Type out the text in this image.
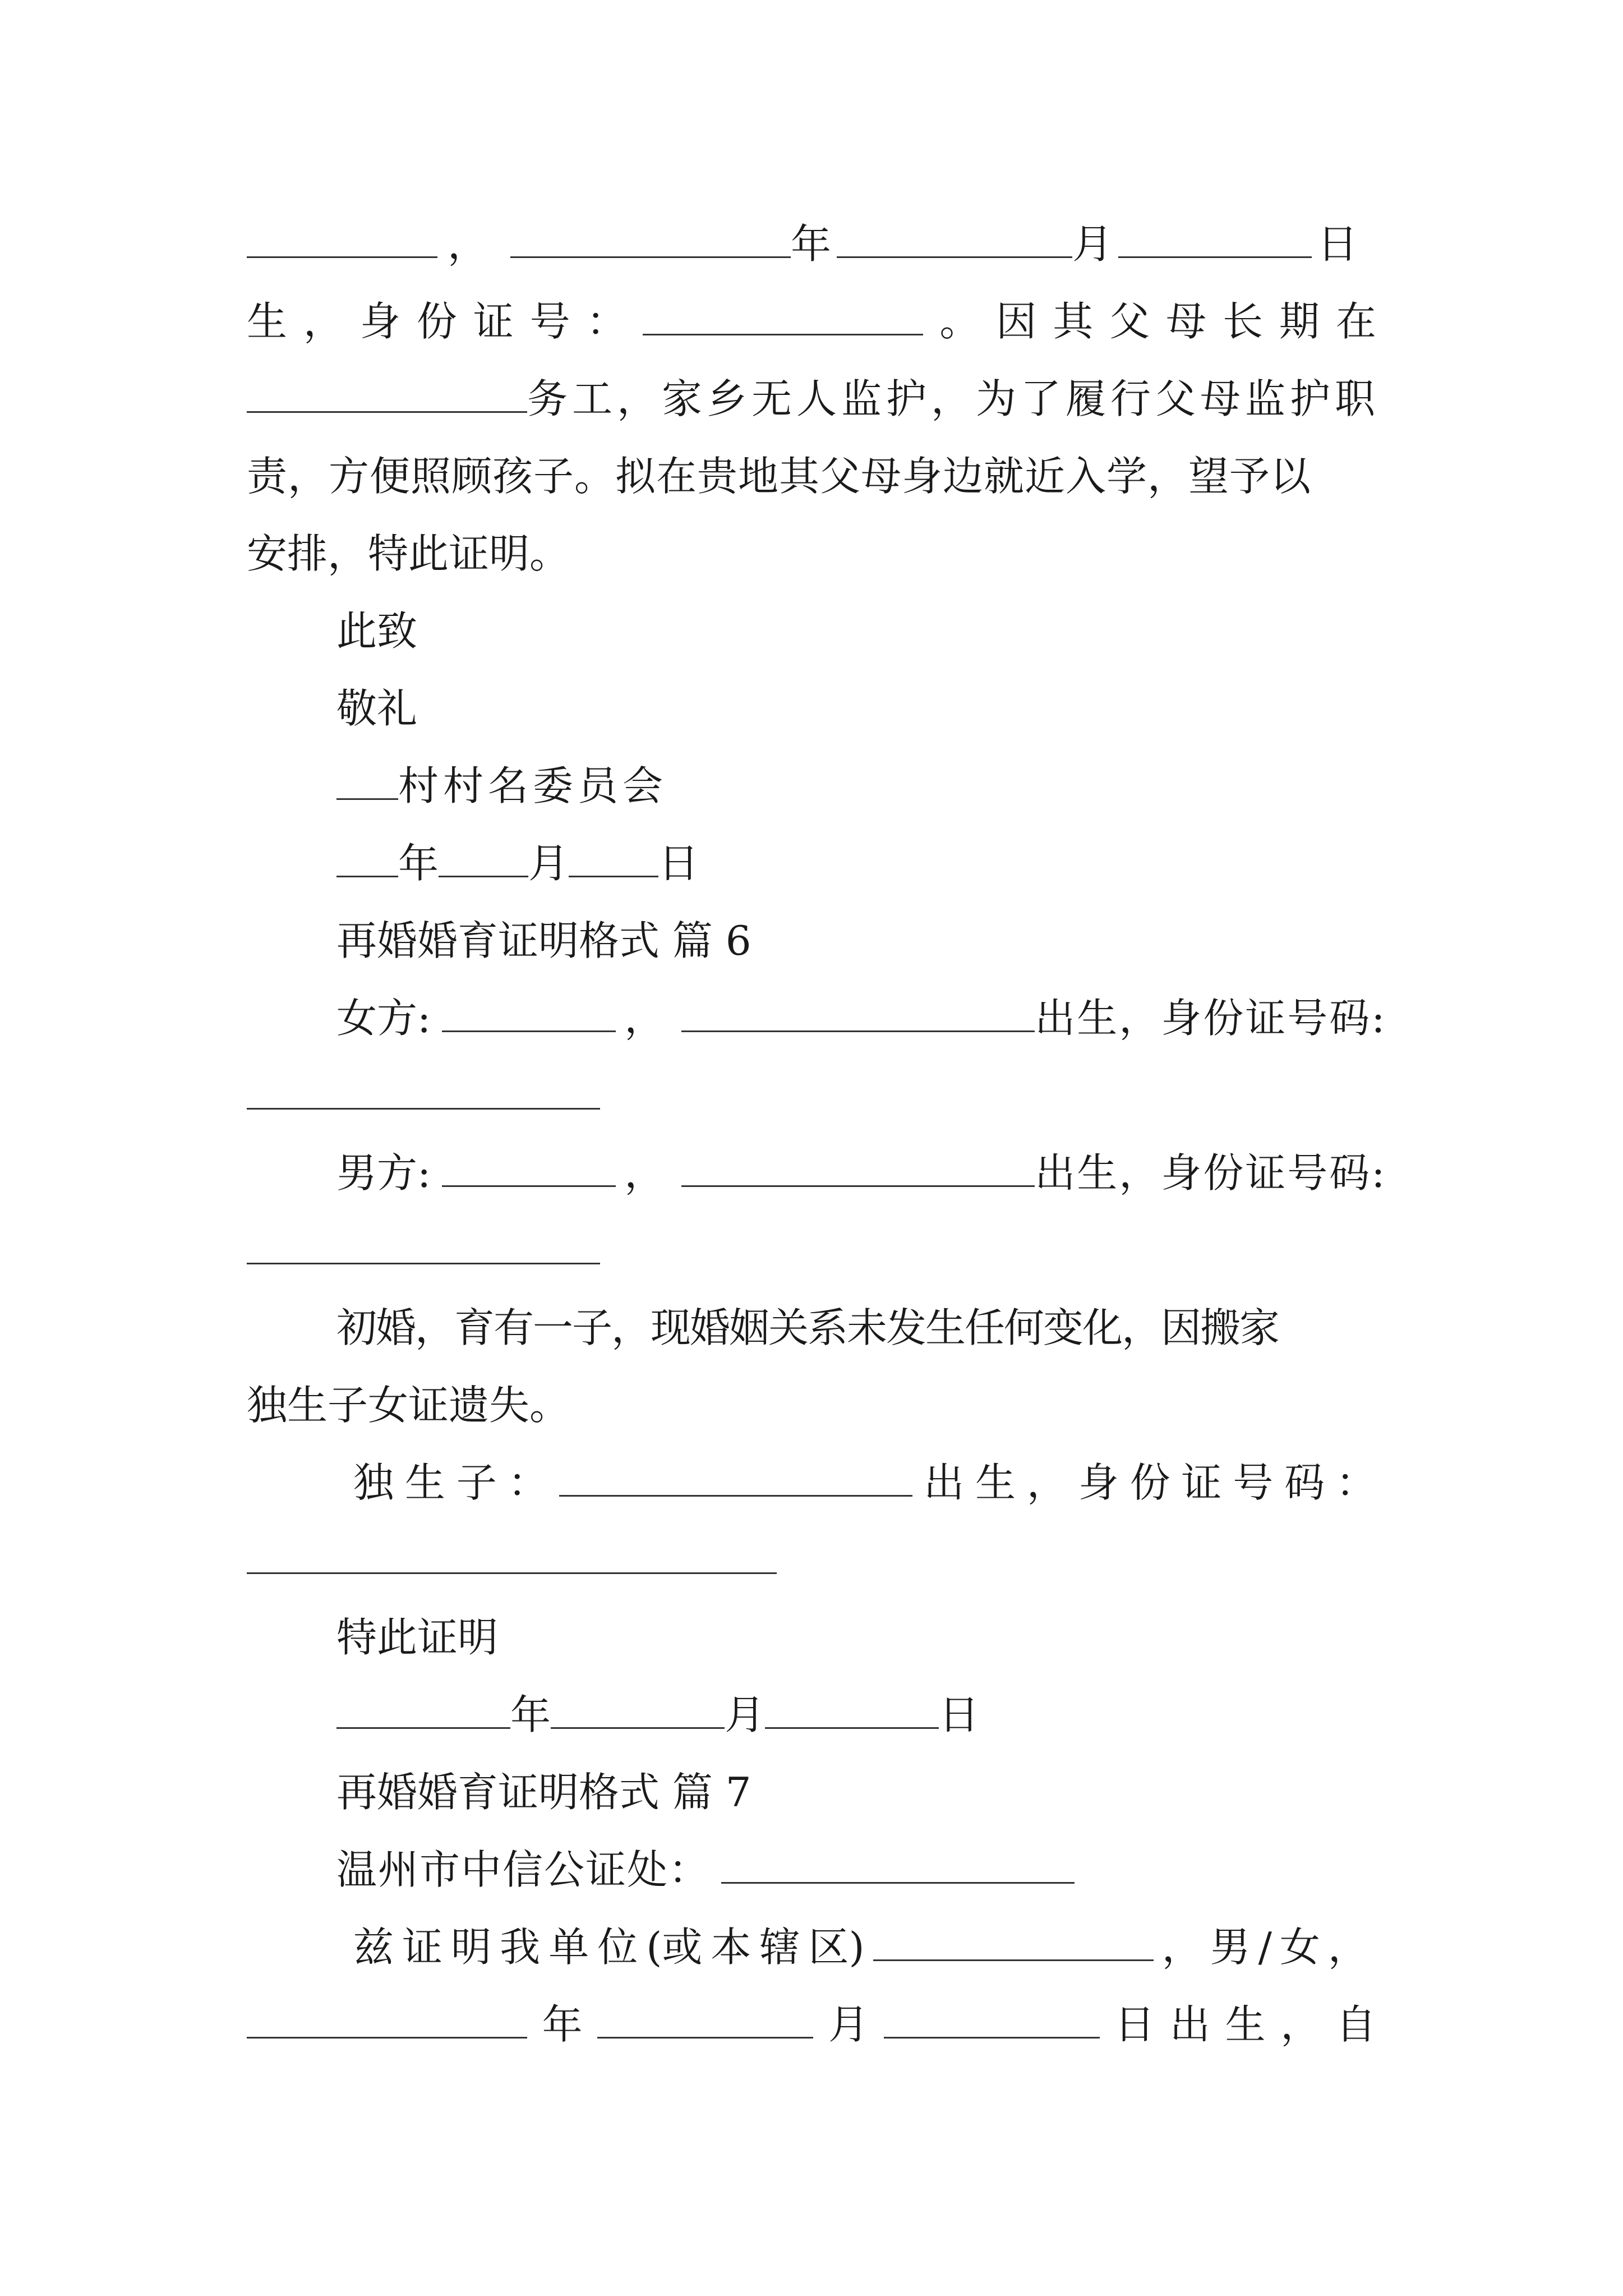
，	年	月	日
生 ， 身 份 证 号 ：	。 因 其 父 母 长 期 在
务工，家乡无人监护，为了履行父母监护职
责，方便照顾孩子。拟在贵地其父母身边就近入学，望予以
安排，特此证明。
此致
敬礼
村村名委员会
年 月 日
再婚婚育证明格式 篇 6
女方:	，	出生，身份证号码:
男方:	，	出生，身份证号码:
初婚，育有一子，现婚姻关系未发生任何变化，因搬家
独生子女证遗失。
独 生 子 ：	出 生 ， 身 份 证 号 码 ：
特此证明
年	月	日
再婚婚育证明格式 篇 7
温州市中信公证处：
兹 证 明 我 单 位 (或 本 辖 区)	，男/女，
年	月	日 出 生 ， 自
